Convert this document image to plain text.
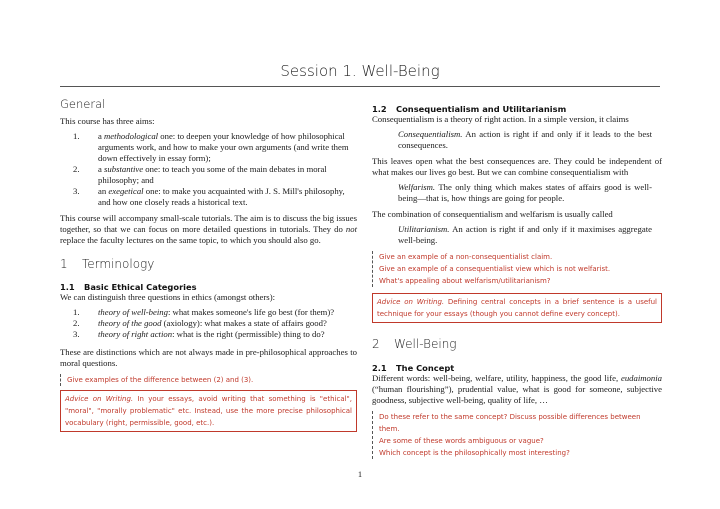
Session 1. Well-Being
General

This course has three aims:

1. a methodological one: to deepen your knowledge of how philosophical arguments work, and how to make your own arguments (and write them down effectively in essay form);
2. a substantive one: to teach you some of the main debates in moral philosophy; and
3. an exegetical one: to make you acquainted with J. S. Mill's philosophy, and how one closely reads a historical text.

This course will accompany small-scale tutorials. The aim is to discuss the big issues together, so that we can focus on more detailed questions in tutorials. They do not replace the faculty lectures on the same topic, to which you should also go.

1 Terminology
1.1 Basic Ethical Categories

We can distinguish three questions in ethics (amongst others):

1. theory of well-being: what makes someone's life go best (for them)?
2. theory of the good (axiology): what makes a state of affairs good?
3. theory of right action: what is the right (permissible) thing to do?

These are distinctions which are not always made in pre-philosophical approaches to moral questions.

Give examples of the difference between (2) and (3).
Advice on Writing. In your essays, avoid writing that something is "ethical", "moral", "morally problematic" etc. Instead, use the more precise philosophical vocabulary (right, permissible, good, etc.).
1.2 Consequentialism and Utilitarianism

Consequentialism is a theory of right action. In a simple version, it claims

Consequentialism. An action is right if and only if it leads to the best consequences.

This leaves open what the best consequences are. They could be independent of what makes our lives go best. But we can combine consequentialism with

Welfarism. The only thing which makes states of affairs good is well-being—that is, how things are going for people.

The combination of consequentialism and welfarism is usually called

Utilitarianism. An action is right if and only if it maximises aggregate well-being.
Give an example of a non-consequentialist claim.
Give an example of a consequentialist view which is not welfarist.
What's appealing about welfarism/utilitarianism?
Advice on Writing. Defining central concepts in a brief sentence is a useful technique for your essays (though you cannot define every concept).
2 Well-Being
2.1 The Concept

Different words: well-being, welfare, utility, happiness, the good life, eudaimonia (“human flourishing”), prudential value, what is good for someone, subjective goodness, subjective well-being, quality of life, …

Do these refer to the same concept? Discuss possible differences between them.
Are some of these words ambiguous or vague?
Which concept is the philosophically most interesting?
1
